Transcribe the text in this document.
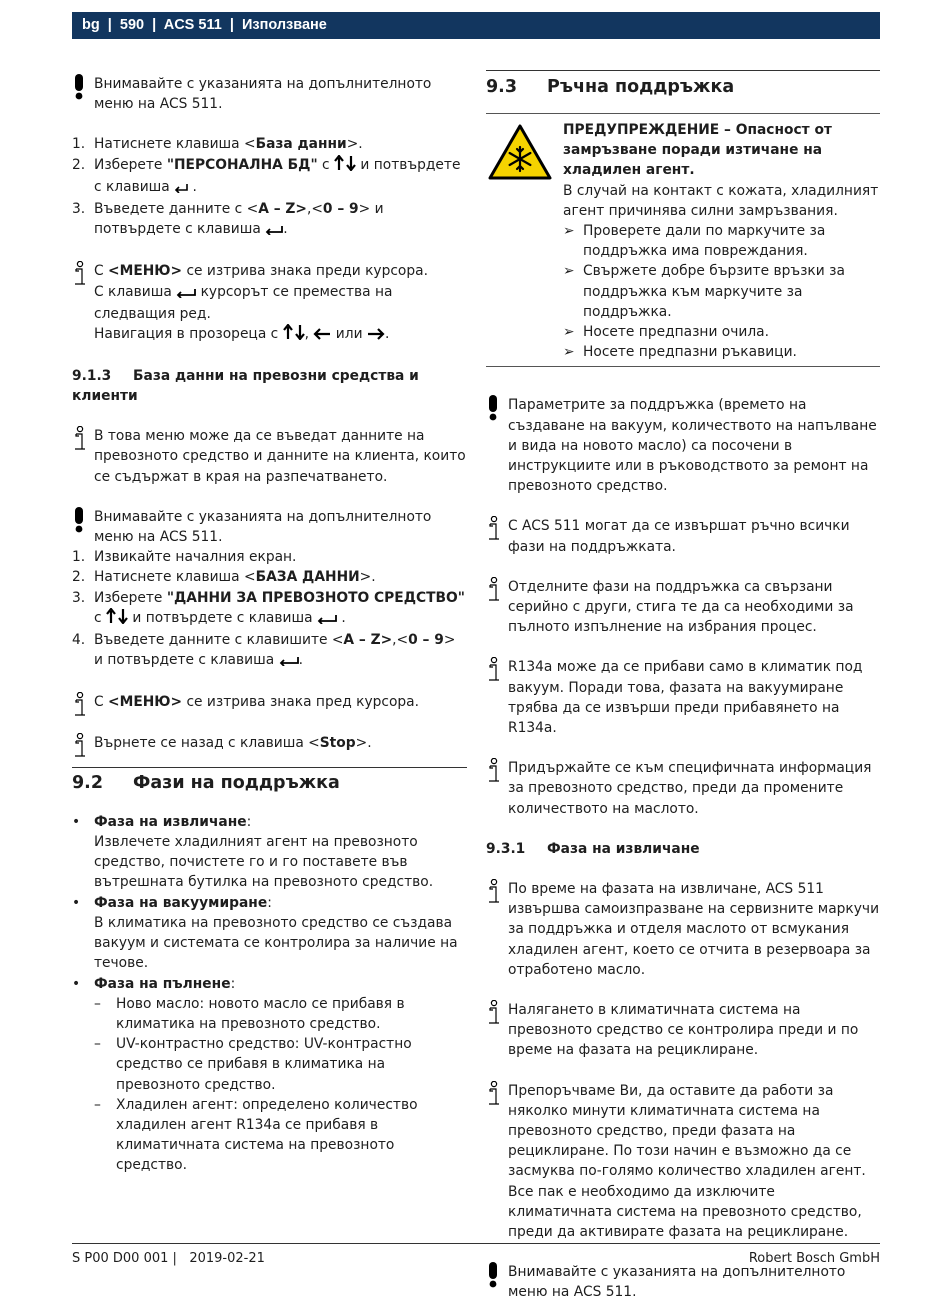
bg  |  590  |  ACS 511  |  Използване
Внимавайте с указанията на допълнителното меню на ACS 511.
1. Натиснете клавиша <База данни>.
2. Изберете "ПЕРСОНАЛНА БД" с  и потвърдете с клавиша  .
3. Въведете данните с <A – Z>,<0 – 9> и потвърдете с клавиша .
С <МЕНЮ> се изтрива знака преди курсора.
С клавиша  курсорът се премества на следващия ред.
Навигация в прозореца с ,  или .
9.1.3 База данни на превозни средства и клиенти
В това меню може да се въведат данните на превозното средство и данните на клиента, които се съдържат в края на разпечатването.
Внимавайте с указанията на допълнителното меню на ACS 511.
1. Извикайте началния екран.
2. Натиснете клавиша <БАЗА ДАННИ>.
3. Изберете "ДАННИ ЗА ПРЕВОЗНОТО СРЕДСТВО"
с  и потвърдете с клавиша  .
4. Въведете данните с клавишите <A – Z>,<0 – 9> и потвърдете с клавиша .
С <МЕНЮ> се изтрива знака пред курсора.
Върнете се назад с клавиша <Stop>.
9.2 Фази на поддръжка
• Фаза на извличане:
Извлечете хладилният агент на превозното средство, почистете го и го поставете във вътрешната бутилка на превозното средство.
• Фаза на вакуумиране:
В климатика на превозното средство се създава вакуум и системата се контролира за наличие на течове.
• Фаза на пълнене:
– Ново масло: новото масло се прибавя в климатика на превозното средство.
– UV-контрастно средство: UV-контрастно средство се прибавя в климатика на превозното средство.
– Хладилен агент: определено количество хладилен агент R134a се прибавя в климатичната система на превозното средство.
9.3 Ръчна поддръжка
ПРЕДУПРЕЖДЕНИЕ – Опасност от замръзване поради изтичане на хладилен агент.
В случай на контакт с кожата, хладилният агент причинява силни замръзвания.
➢ Проверете дали по маркучите за поддръжка има повреждания.
➢ Свържете добре бързите връзки за поддръжка към маркучите за поддръжка.
➢ Носете предпазни очила.
➢ Носете предпазни ръкавици.
Параметрите за поддръжка (времето на създаване на вакуум, количеството на напълване и вида на новото масло) са посочени в инструкциите или в ръководството за ремонт на превозното средство.
С ACS 511 могат да се извършат ръчно всички фази на поддръжката.
Отделните фази на поддръжка са свързани серийно с други, стига те да са необходими за пълното изпълнение на избрания процес.
R134a може да се прибави само в климатик под вакуум. Поради това, фазата на вакуумиране трябва да се извърши преди прибавянето на R134a.
Придържайте се към специфичната информация за превозното средство, преди да промените количеството на маслото.
9.3.1 Фаза на извличане
По време на фазата на извличане, ACS 511 извършва самоизпразване на сервизните маркучи за поддръжка и отделя маслото от всмукания хладилен агент, което се отчита в резервоара за отработено масло.
Налягането в климатичната система на превозното средство се контролира преди и по време на фазата на рециклиране.
Препоръчваме Ви, да оставите да работи за няколко минути климатичната система на превозното средство, преди фазата на рециклиране. По този начин е възможно да се засмуква по-голямо количество хладилен агент. Все пак е необходимо да изключите климатичната система на превозното средство, преди да активирате фазата на рециклиране.
Внимавайте с указанията на допълнителното меню на ACS 511.
S P00 D00 001 | 2019-02-21	Robert Bosch GmbH
